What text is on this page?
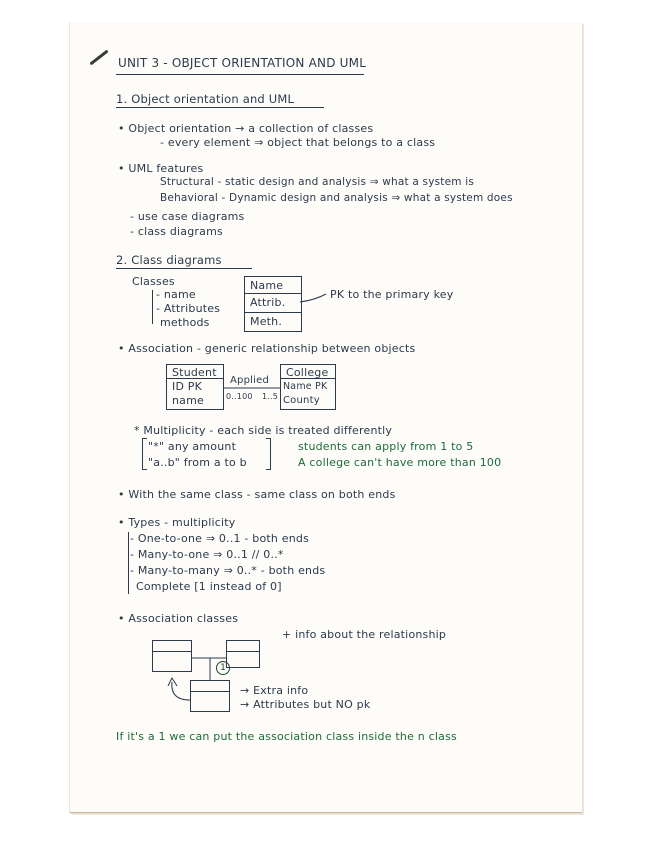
UNIT 3 - OBJECT ORIENTATION AND UML
1. Object orientation and UML
• Object orientation → a collection of classes
- every element ⇒ object that belongs to a class
• UML features
Structural - static design and analysis ⇒ what a system is
Behavioral - Dynamic design and analysis ⇒ what a system does
- use case diagrams
- class diagrams
2. Class diagrams
Classes
- name
- Attributes
methods
Name
Attrib.
Meth.
PK to the primary key
• Association - generic relationship between objects
Student
ID PK
name
Applied
0..100 1..5
College
Name PK
County
* Multiplicity - each side is treated differently
"*" any amount
"a..b" from a to b
students can apply from 1 to 5
A college can't have more than 100
• With the same class - same class on both ends
• Types - multiplicity
- One-to-one ⇒ 0..1 - both ends
- Many-to-one ⇒ 0..1 // 0..*
- Many-to-many ⇒ 0..* - both ends
Complete [1 instead of 0]
• Association classes
+ info about the relationship
1
→ Extra info
→ Attributes but NO pk
If it's a 1 we can put the association class inside the n class
